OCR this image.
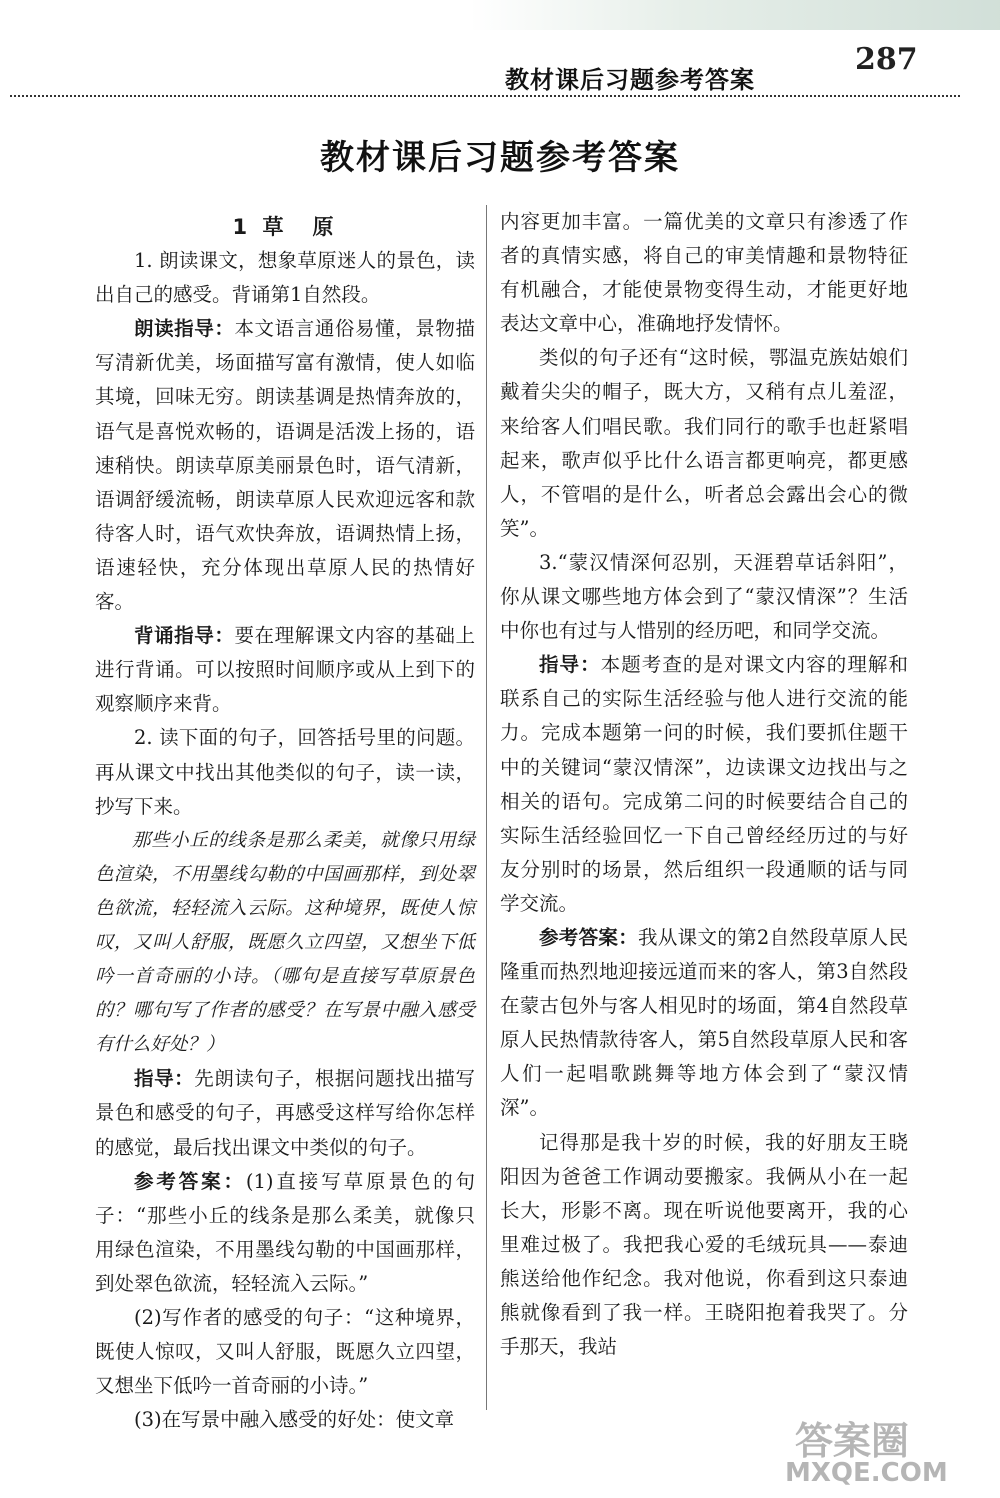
教材课后习题参考答案
287
教材课后习题参考答案

1 草　原

1. 朗读课文，想象草原迷人的景色，读出自己的感受。背诵第1自然段。

朗读指导：本文语言通俗易懂，景物描写清新优美，场面描写富有激情，使人如临其境，回味无穷。朗读基调是热情奔放的，语气是喜悦欢畅的，语调是活泼上扬的，语速稍快。朗读草原美丽景色时，语气清新，语调舒缓流畅，朗读草原人民欢迎远客和款待客人时，语气欢快奔放，语调热情上扬，语速轻快，充分体现出草原人民的热情好客。

背诵指导：要在理解课文内容的基础上进行背诵。可以按照时间顺序或从上到下的观察顺序来背。

2. 读下面的句子，回答括号里的问题。再从课文中找出其他类似的句子，读一读，抄写下来。

那些小丘的线条是那么柔美，就像只用绿色渲染，不用墨线勾勒的中国画那样，到处翠色欲流，轻轻流入云际。这种境界，既使人惊叹，又叫人舒服，既愿久立四望，又想坐下低吟一首奇丽的小诗。（哪句是直接写草原景色的？哪句写了作者的感受？在写景中融入感受有什么好处？）

指导：先朗读句子，根据问题找出描写景色和感受的句子，再感受这样写给你怎样的感觉，最后找出课文中类似的句子。

参考答案：(1)直接写草原景色的句子：“那些小丘的线条是那么柔美，就像只用绿色渲染，不用墨线勾勒的中国画那样，到处翠色欲流，轻轻流入云际。”

(2)写作者的感受的句子：“这种境界，既使人惊叹，又叫人舒服，既愿久立四望，又想坐下低吟一首奇丽的小诗。”

(3)在写景中融入感受的好处：使文章

内容更加丰富。一篇优美的文章只有渗透了作者的真情实感，将自己的审美情趣和景物特征有机融合，才能使景物变得生动，才能更好地表达文章中心，准确地抒发情怀。

类似的句子还有“这时候，鄂温克族姑娘们戴着尖尖的帽子，既大方，又稍有点儿羞涩，来给客人们唱民歌。我们同行的歌手也赶紧唱起来，歌声似乎比什么语言都更响亮，都更感人，不管唱的是什么，听者总会露出会心的微笑”。

3.“蒙汉情深何忍别，天涯碧草话斜阳”，你从课文哪些地方体会到了“蒙汉情深”？生活中你也有过与人惜别的经历吧，和同学交流。

指导：本题考查的是对课文内容的理解和联系自己的实际生活经验与他人进行交流的能力。完成本题第一问的时候，我们要抓住题干中的关键词“蒙汉情深”，边读课文边找出与之相关的语句。完成第二问的时候要结合自己的实际生活经验回忆一下自己曾经经历过的与好友分别时的场景，然后组织一段通顺的话与同学交流。

参考答案：我从课文的第2自然段草原人民隆重而热烈地迎接远道而来的客人，第3自然段在蒙古包外与客人相见时的场面，第4自然段草原人民热情款待客人，第5自然段草原人民和客人们一起唱歌跳舞等地方体会到了“蒙汉情深”。

记得那是我十岁的时候，我的好朋友王晓阳因为爸爸工作调动要搬家。我俩从小在一起长大，形影不离。现在听说他要离开，我的心里难过极了。我把我心爱的毛绒玩具——泰迪熊送给他作纪念。我对他说，你看到这只泰迪熊就像看到了我一样。王晓阳抱着我哭了。分手那天，我站

答案圈
MXQE.COM
